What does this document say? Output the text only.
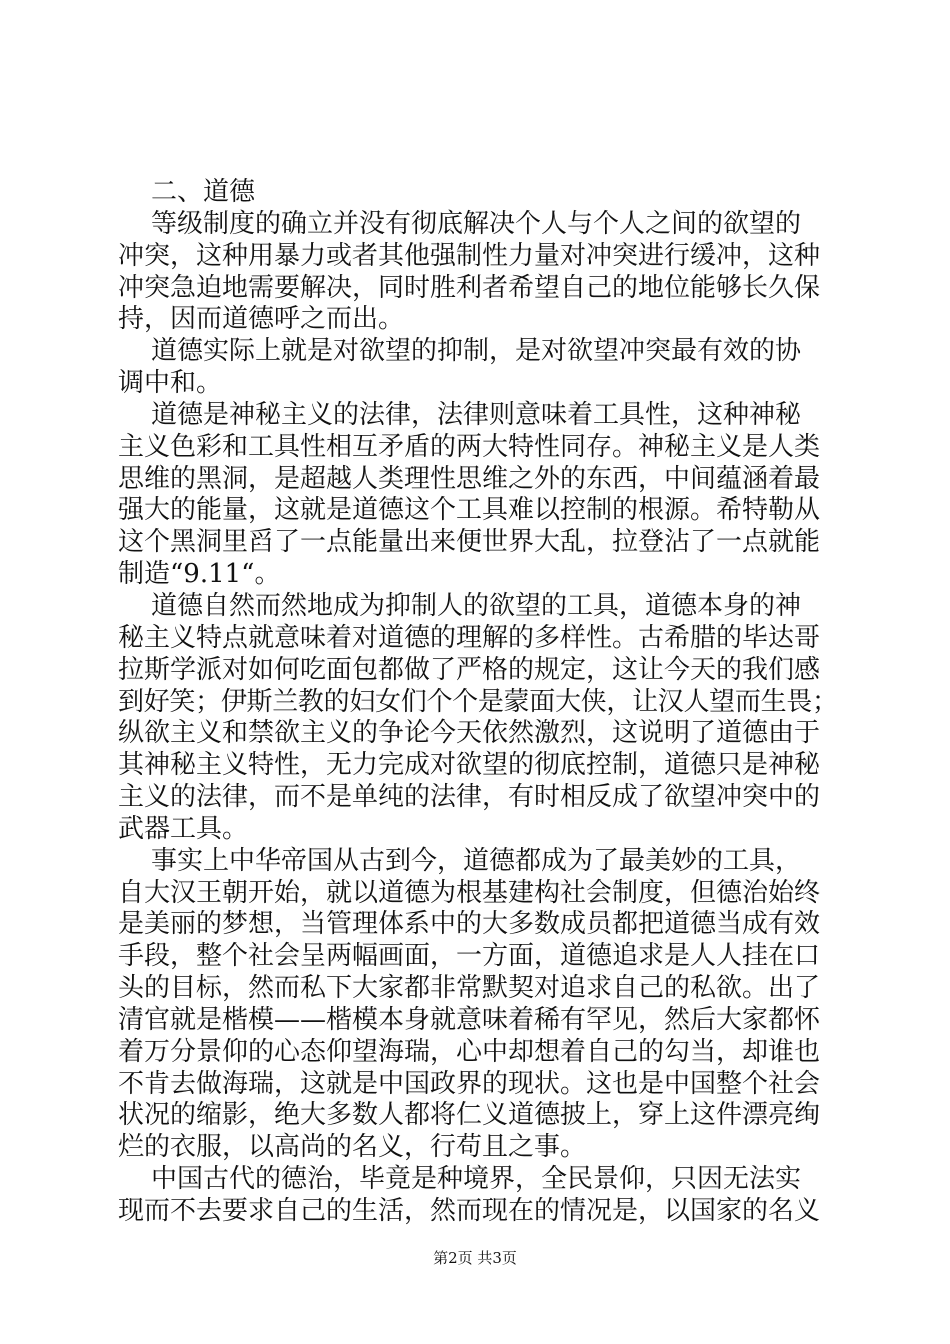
二、道德
等级制度的确立并没有彻底解决个人与个人之间的欲望的
冲突，这种用暴力或者其他强制性力量对冲突进行缓冲，这种
冲突急迫地需要解决，同时胜利者希望自己的地位能够长久保
持，因而道德呼之而出。
道德实际上就是对欲望的抑制，是对欲望冲突最有效的协
调中和。
道德是神秘主义的法律，法律则意味着工具性，这种神秘
主义色彩和工具性相互矛盾的两大特性同存。神秘主义是人类
思维的黑洞，是超越人类理性思维之外的东西，中间蕴涵着最
强大的能量，这就是道德这个工具难以控制的根源。希特勒从
这个黑洞里舀了一点能量出来便世界大乱，拉登沾了一点就能
制造“9.11“。
道德自然而然地成为抑制人的欲望的工具，道德本身的神
秘主义特点就意味着对道德的理解的多样性。古希腊的毕达哥
拉斯学派对如何吃面包都做了严格的规定，这让今天的我们感
到好笑；伊斯兰教的妇女们个个是蒙面大侠，让汉人望而生畏；
纵欲主义和禁欲主义的争论今天依然激烈，这说明了道德由于
其神秘主义特性，无力完成对欲望的彻底控制，道德只是神秘
主义的法律，而不是单纯的法律，有时相反成了欲望冲突中的
武器工具。
事实上中华帝国从古到今，道德都成为了最美妙的工具，
自大汉王朝开始，就以道德为根基建构社会制度，但德治始终
是美丽的梦想，当管理体系中的大多数成员都把道德当成有效
手段，整个社会呈两幅画面，一方面，道德追求是人人挂在口
头的目标，然而私下大家都非常默契对追求自己的私欲。出了
清官就是楷模——楷模本身就意味着稀有罕见，然后大家都怀
着万分景仰的心态仰望海瑞，心中却想着自己的勾当，却谁也
不肯去做海瑞，这就是中国政界的现状。这也是中国整个社会
状况的缩影，绝大多数人都将仁义道德披上，穿上这件漂亮绚
烂的衣服，以高尚的名义，行苟且之事。
中国古代的德治，毕竟是种境界，全民景仰，只因无法实
现而不去要求自己的生活，然而现在的情况是，以国家的名义
第2页 共3页
